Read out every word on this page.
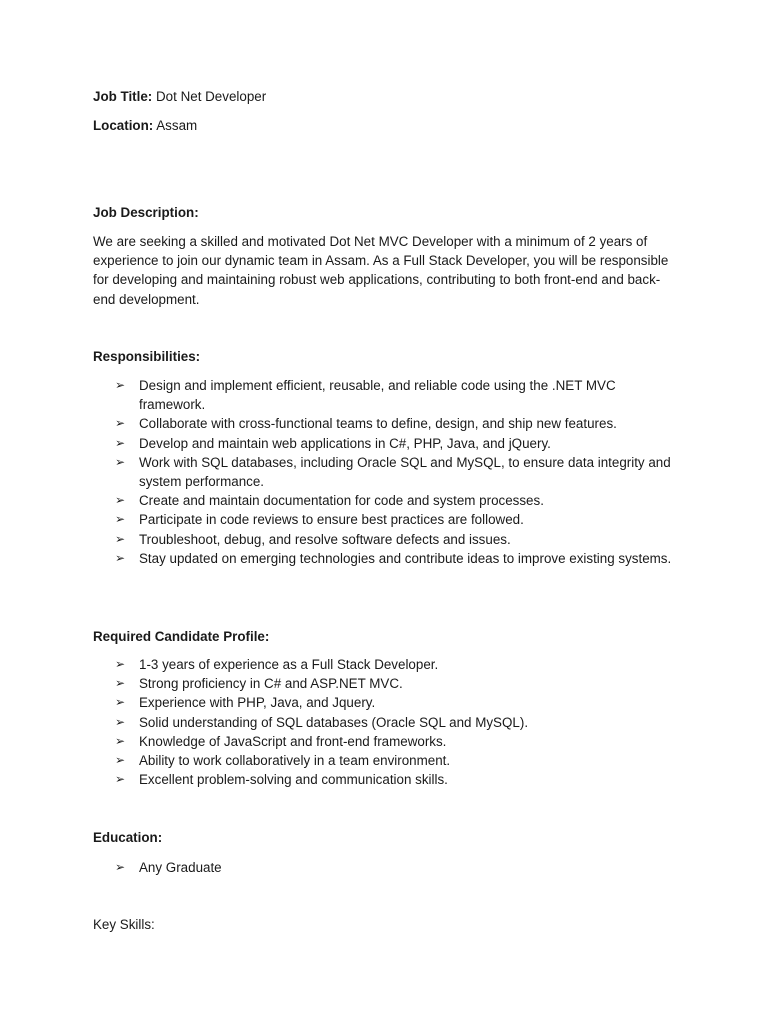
Job Title: Dot Net Developer
Location: Assam
Job Description:

We are seeking a skilled and motivated Dot Net MVC Developer with a minimum of 2 years of experience to join our dynamic team in Assam. As a Full Stack Developer, you will be responsible for developing and maintaining robust web applications, contributing to both front-end and back-end development.

Responsibilities:
➢ Design and implement efficient, reusable, and reliable code using the .NET MVC framework.
➢ Collaborate with cross-functional teams to define, design, and ship new features.
➢ Develop and maintain web applications in C#, PHP, Java, and jQuery.
➢ Work with SQL databases, including Oracle SQL and MySQL, to ensure data integrity and system performance.
➢ Create and maintain documentation for code and system processes.
➢ Participate in code reviews to ensure best practices are followed.
➢ Troubleshoot, debug, and resolve software defects and issues.
➢ Stay updated on emerging technologies and contribute ideas to improve existing systems.
Required Candidate Profile:
➢ 1-3 years of experience as a Full Stack Developer.
➢ Strong proficiency in C# and ASP.NET MVC.
➢ Experience with PHP, Java, and Jquery.
➢ Solid understanding of SQL databases (Oracle SQL and MySQL).
➢ Knowledge of JavaScript and front-end frameworks.
➢ Ability to work collaboratively in a team environment.
➢ Excellent problem-solving and communication skills.
Education:
➢ Any Graduate
Key Skills:
